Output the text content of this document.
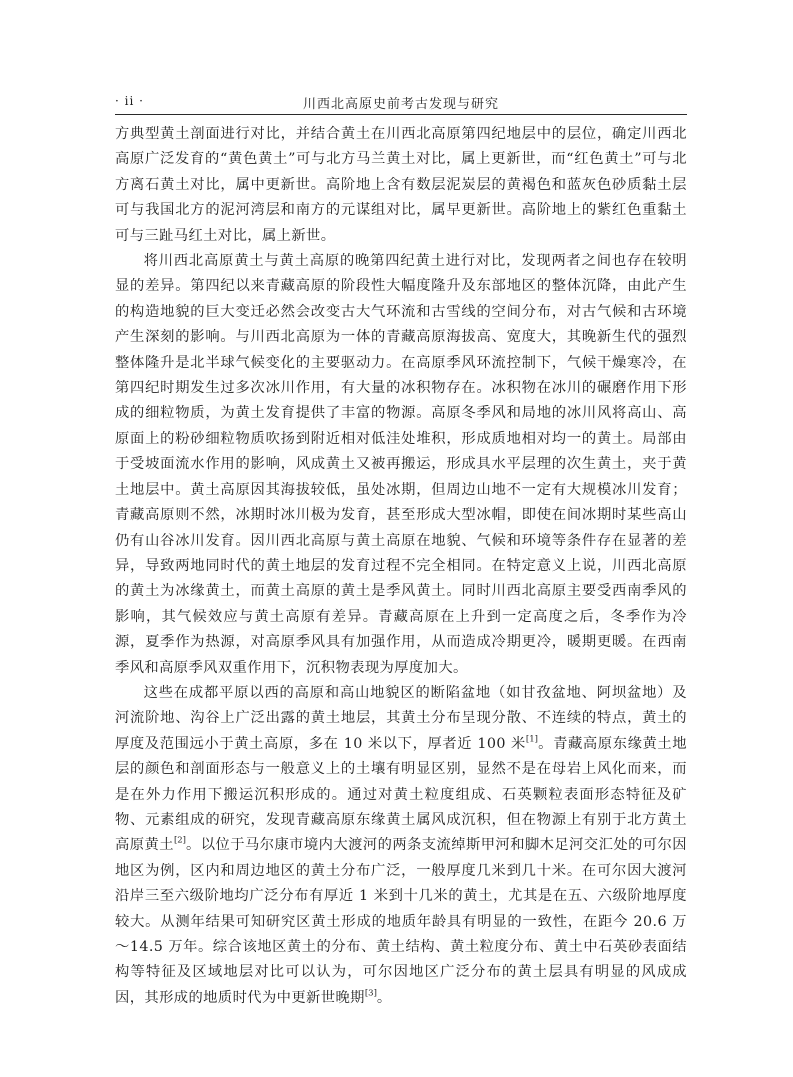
· ii ·	川西北高原史前考古发现与研究

方典型黄土剖面进行对比，并结合黄土在川西北高原第四纪地层中的层位，确定川西北高原广泛发育的“黄色黄土”可与北方马兰黄土对比，属上更新世，而“红色黄土”可与北方离石黄土对比，属中更新世。高阶地上含有数层泥炭层的黄褐色和蓝灰色砂质黏土层可与我国北方的泥河湾层和南方的元谋组对比，属早更新世。高阶地上的紫红色重黏土可与三趾马红土对比，属上新世。

将川西北高原黄土与黄土高原的晚第四纪黄土进行对比，发现两者之间也存在较明显的差异。第四纪以来青藏高原的阶段性大幅度隆升及东部地区的整体沉降，由此产生的构造地貌的巨大变迁必然会改变古大气环流和古雪线的空间分布，对古气候和古环境产生深刻的影响。与川西北高原为一体的青藏高原海拔高、宽度大，其晚新生代的强烈整体隆升是北半球气候变化的主要驱动力。在高原季风环流控制下，气候干燥寒冷，在第四纪时期发生过多次冰川作用，有大量的冰积物存在。冰积物在冰川的碾磨作用下形成的细粒物质，为黄土发育提供了丰富的物源。高原冬季风和局地的冰川风将高山、高原面上的粉砂细粒物质吹扬到附近相对低洼处堆积，形成质地相对均一的黄土。局部由于受坡面流水作用的影响，风成黄土又被再搬运，形成具水平层理的次生黄土，夹于黄土地层中。黄土高原因其海拔较低，虽处冰期，但周边山地不一定有大规模冰川发育；青藏高原则不然，冰期时冰川极为发育，甚至形成大型冰帽，即使在间冰期时某些高山仍有山谷冰川发育。因川西北高原与黄土高原在地貌、气候和环境等条件存在显著的差异，导致两地同时代的黄土地层的发育过程不完全相同。在特定意义上说，川西北高原的黄土为冰缘黄土，而黄土高原的黄土是季风黄土。同时川西北高原主要受西南季风的影响，其气候效应与黄土高原有差异。青藏高原在上升到一定高度之后，冬季作为冷源，夏季作为热源，对高原季风具有加强作用，从而造成冷期更冷，暖期更暖。在西南季风和高原季风双重作用下，沉积物表现为厚度加大。

这些在成都平原以西的高原和高山地貌区的断陷盆地（如甘孜盆地、阿坝盆地）及河流阶地、沟谷上广泛出露的黄土地层，其黄土分布呈现分散、不连续的特点，黄土的厚度及范围远小于黄土高原，多在 10 米以下，厚者近 100 米[1]。青藏高原东缘黄土地层的颜色和剖面形态与一般意义上的土壤有明显区别，显然不是在母岩上风化而来，而是在外力作用下搬运沉积形成的。通过对黄土粒度组成、石英颗粒表面形态特征及矿物、元素组成的研究，发现青藏高原东缘黄土属风成沉积，但在物源上有别于北方黄土高原黄土[2]。以位于马尔康市境内大渡河的两条支流绰斯甲河和脚木足河交汇处的可尔因地区为例，区内和周边地区的黄土分布广泛，一般厚度几米到几十米。在可尔因大渡河沿岸三至六级阶地均广泛分布有厚近 1 米到十几米的黄土，尤其是在五、六级阶地厚度较大。从测年结果可知研究区黄土形成的地质年龄具有明显的一致性，在距今 20.6 万～14.5 万年。综合该地区黄土的分布、黄土结构、黄土粒度分布、黄土中石英砂表面结构等特征及区域地层对比可以认为，可尔因地区广泛分布的黄土层具有明显的风成成因，其形成的地质时代为中更新世晚期[3]。
